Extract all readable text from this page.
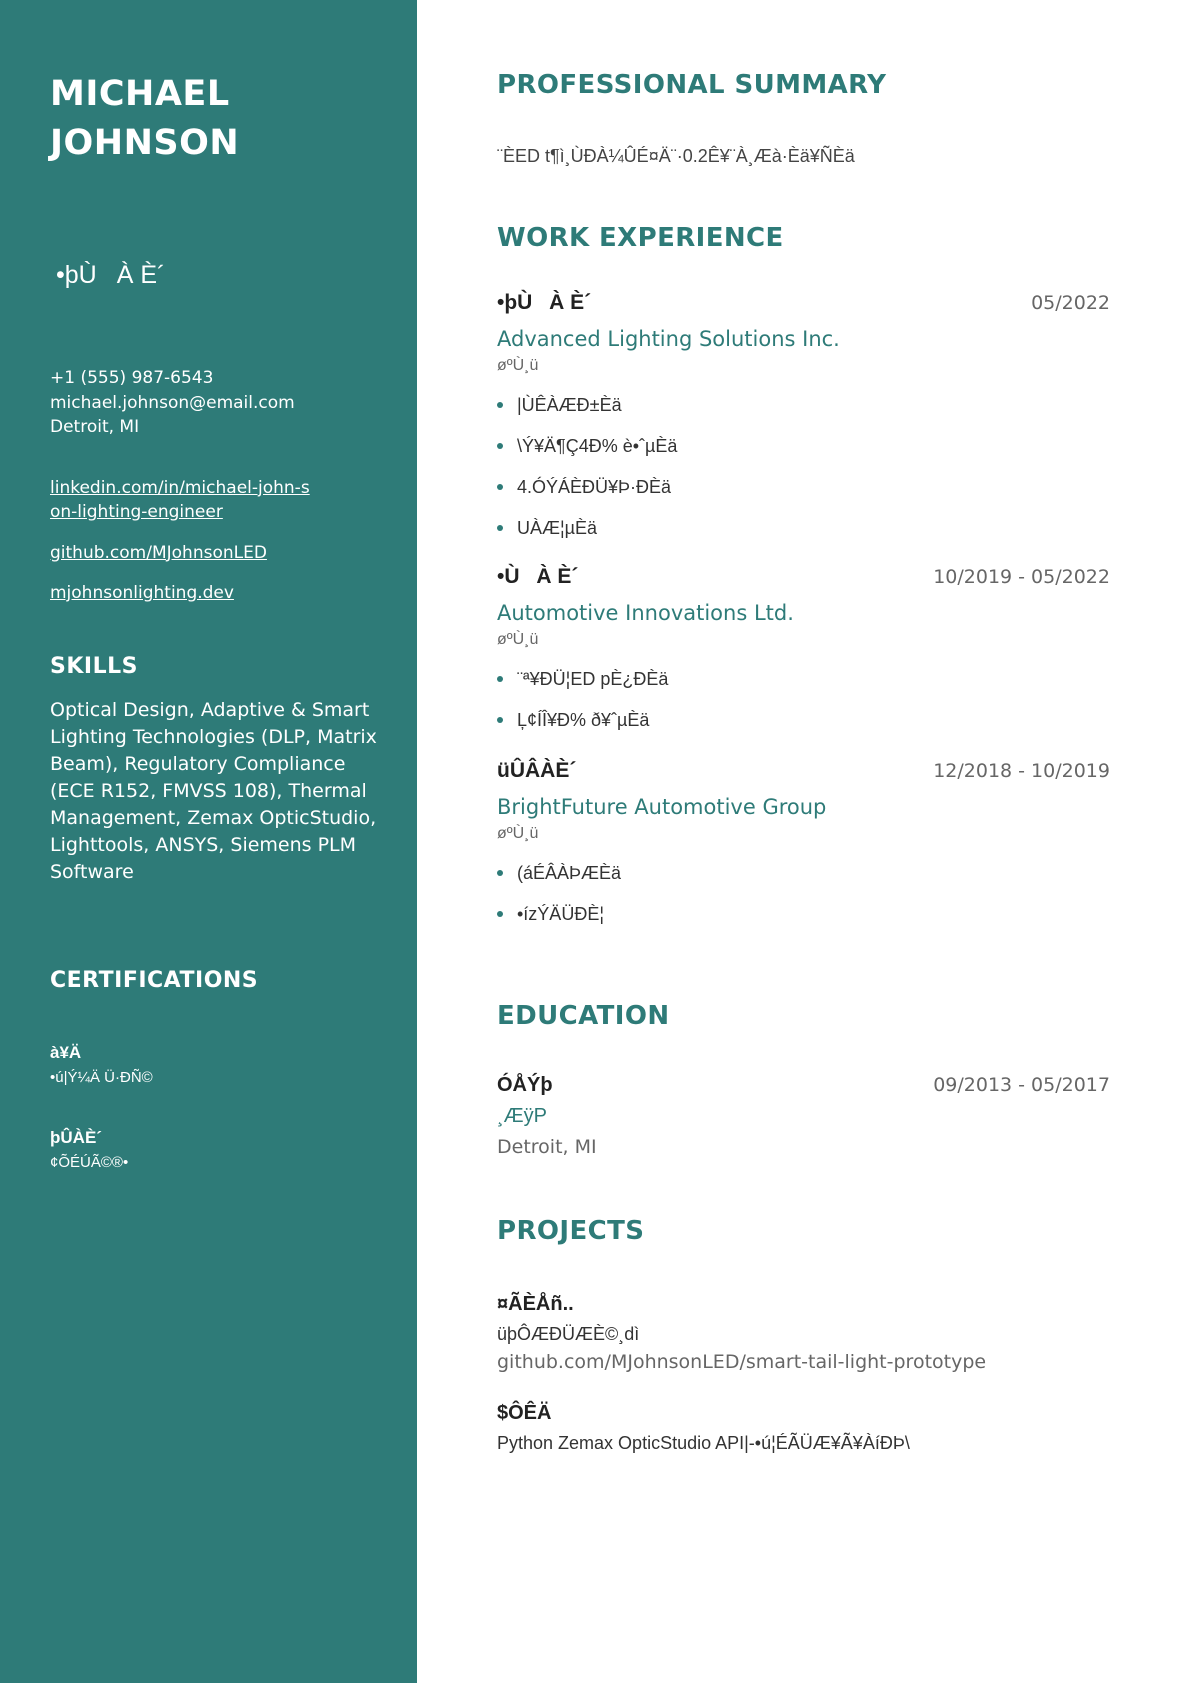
MICHAEL
JOHNSON
•þÙÀ È´
+1 (555) 987-6543
michael.johnson@email.com
Detroit, MI
linkedin.com/in/michael-john-son-lighting-engineer
github.com/MJohnsonLED
mjohnsonlighting.dev
SKILLS
Optical Design, Adaptive & Smart Lighting Technologies (DLP, Matrix Beam), Regulatory Compliance (ECE R152, FMVSS 108), Thermal Management, Zemax OpticStudio, Lighttools, ANSYS, Siemens PLM Software
CERTIFICATIONS
à¥Ä
•ú|Ý¼Ä Ü·ÐÑ©
þÛÀÈ´
¢ÕÉÚÃ©®•
PROFESSIONAL SUMMARY
¨ÈED t¶ì¸ÙÐÀ¼ÛÉ¤Ä¨·0.2Ê¥¨À¸Æà·Èä¥ÑÈä
WORK EXPERIENCE
•þÙÀ È´	05/2022
Advanced Lighting Solutions Inc.
øºÙ¸ü
|ÙÊÀÆÐ±Èä
\Ý¥Ä¶Ç4Ð% è•ˆµÈä
4.ÓÝÁÈÐÜ¥Þ·ÐÈä
UÀÆ¦µÈä
•ÙÀ È´	10/2019 - 05/2022
Automotive Innovations Ltd.
øºÙ¸ü
¨ª¥ÐÜ¦ED pÈ¿ÐÈä
Ļ¢ÍÎ¥Ð% ð¥ˆµÈä
üÛÂÀÈ´	12/2018 - 10/2019
BrightFuture Automotive Group
øºÙ¸ü
(áÉÂÀÞÆÈä
•ízÝÄÜÐÈ¦
EDUCATION
ÓÅÝþ	09/2013 - 05/2017
¸ÆÿP
Detroit, MI
PROJECTS
¤ÃÈÅñ..
üþÔÆÐÜÆÈ©¸dì
github.com/MJohnsonLED/smart-tail-light-prototype
$ÔÊÄ
Python Zemax OpticStudio API|-•ú¦ÉÃÜÆ¥Ã¥ÀíÐÞ\
